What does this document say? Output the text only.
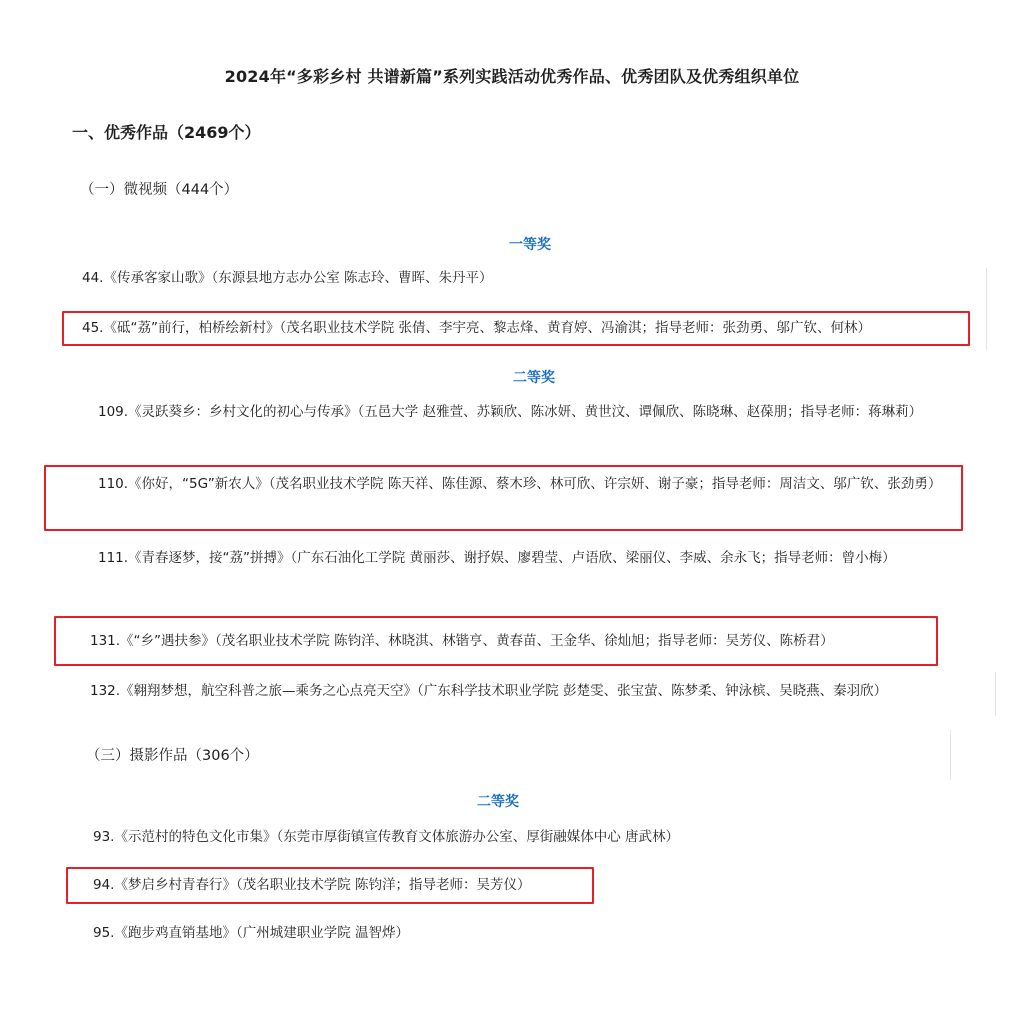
2024年“多彩乡村 共谱新篇”系列实践活动优秀作品、优秀团队及优秀组织单位
一、优秀作品（2469个）
（一）微视频（444个）
一等奖
44.《传承客家山歌》（东源县地方志办公室 陈志玲、曹晖、朱丹平）
45.《砥“荔”前行，柏桥绘新村》（茂名职业技术学院 张倩、李宇亮、黎志烽、黄育婷、冯渝淇；指导老师：张劲勇、邬广钦、何林）
二等奖
109.《灵跃葵乡：乡村文化的初心与传承》（五邑大学 赵雅萱、苏颖欣、陈冰妍、黄世汶、谭佩欣、陈晓琳、赵葆朋；指导老师：蒋琳莉）
110.《你好，“5G”新农人》（茂名职业技术学院 陈天祥、陈佳源、蔡木珍、林可欣、许宗妍、谢子豪；指导老师：周洁文、邬广钦、张劲勇）
111.《青春逐梦，接“荔”拼搏》（广东石油化工学院 黄丽莎、谢抒娱、廖碧莹、卢语欣、梁丽仪、李威、余永飞；指导老师：曾小梅）
131.《“乡”遇扶参》（茂名职业技术学院 陈钧洋、林晓淇、林锴亨、黄春苗、王金华、徐灿旭；指导老师：吴芳仪、陈桥君）
132.《翱翔梦想，航空科普之旅—乘务之心点亮天空》（广东科学技术职业学院 彭楚雯、张宝萤、陈梦柔、钟泳槟、吴晓燕、秦羽欣）
（三）摄影作品（306个）
二等奖
93.《示范村的特色文化市集》（东莞市厚街镇宣传教育文体旅游办公室、厚街融媒体中心 唐武林）
94.《梦启乡村青春行》（茂名职业技术学院 陈钧洋；指导老师：吴芳仪）
95.《跑步鸡直销基地》（广州城建职业学院 温智烨）
